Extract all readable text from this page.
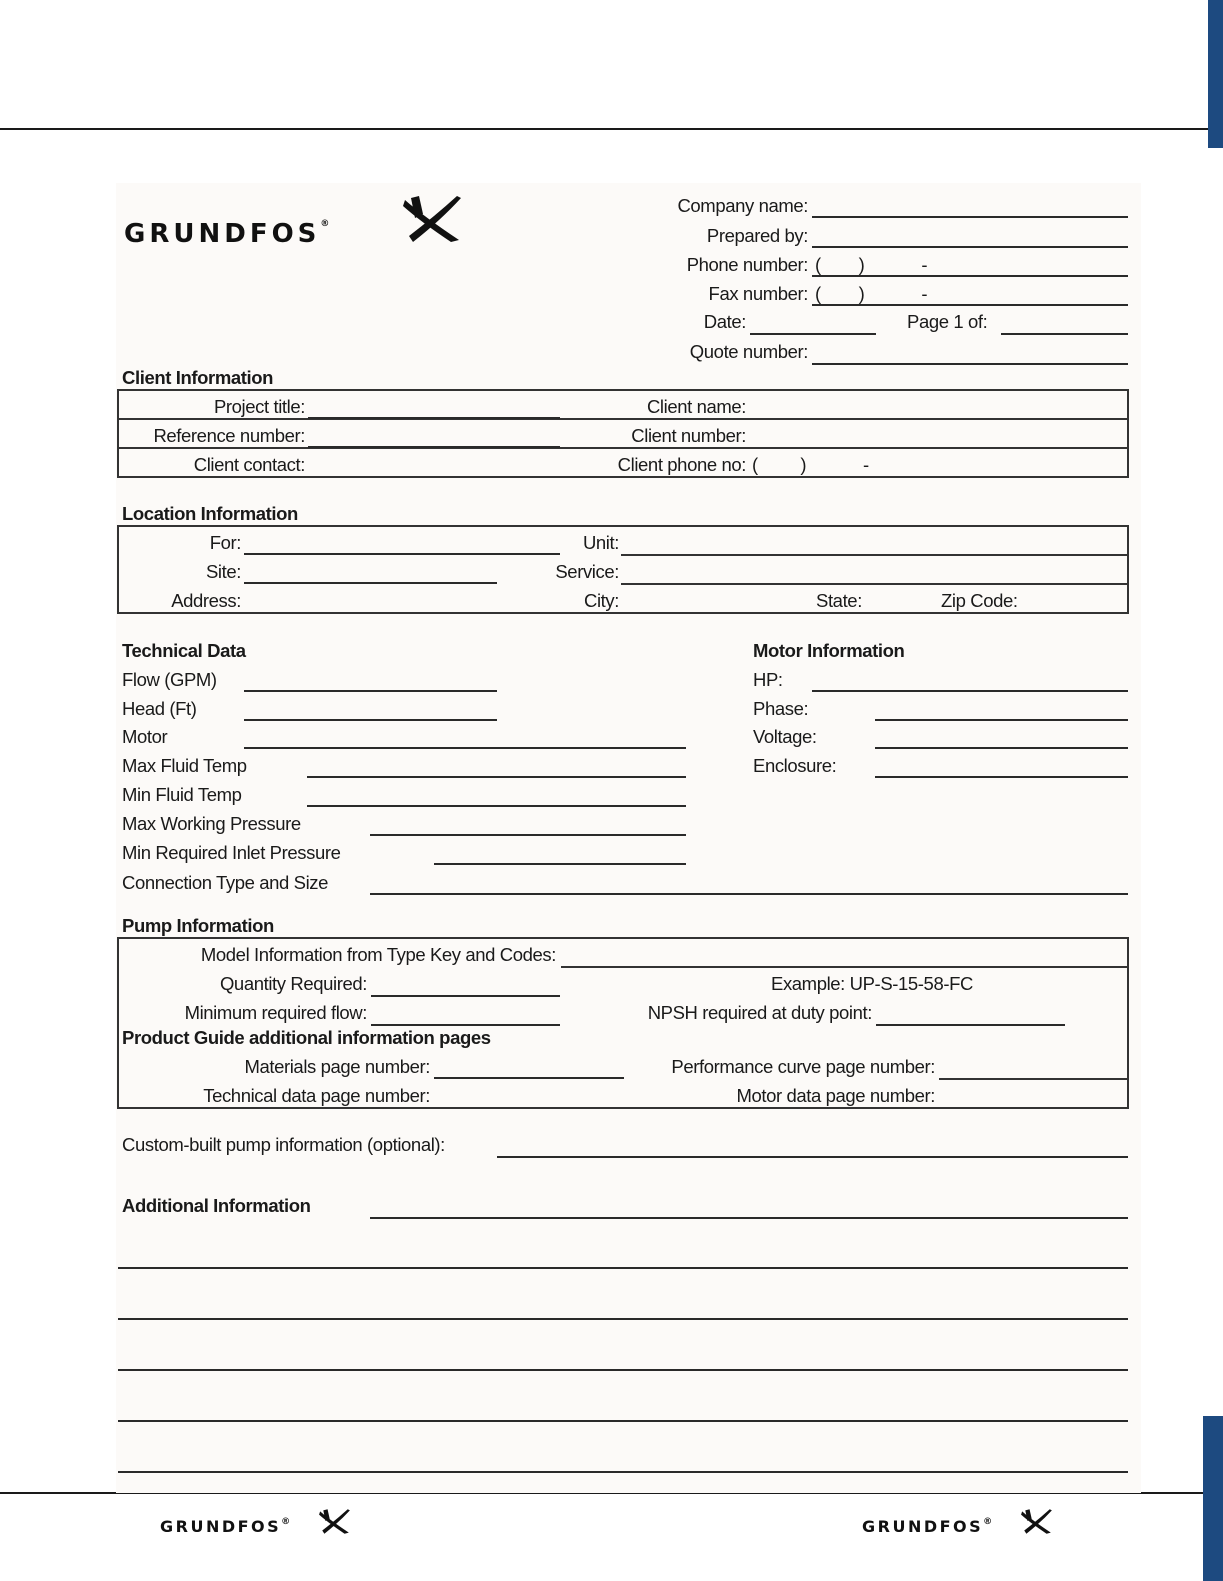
GRUNDFOS®
Company name:
Prepared by:
Phone number: (        )            -
Fax number: (        )            -
Date:	Page 1 of:
Quote number:
Client Information
Project title:	Client name:
Reference number:	Client number:
Client contact:	Client phone no: (         )            -
Location Information
For:	Unit:
Site:	Service:
Address:	City:	State:	Zip Code:
Technical Data
Flow (GPM)
Head (Ft)
Motor
Max Fluid Temp
Min Fluid Temp
Max Working Pressure
Min Required Inlet Pressure
Connection Type and Size
Motor Information
HP:
Phase:
Voltage:
Enclosure:
Pump Information
Model Information from Type Key and Codes:
Quantity Required:	Example: UP-S-15-58-FC
Minimum required flow:	NPSH required at duty point:
Product Guide additional information pages
Materials page number:	Performance curve page number:
Technical data page number:	Motor data page number:
Custom-built pump information (optional):
Additional Information
GRUNDFOS®	GRUNDFOS®
